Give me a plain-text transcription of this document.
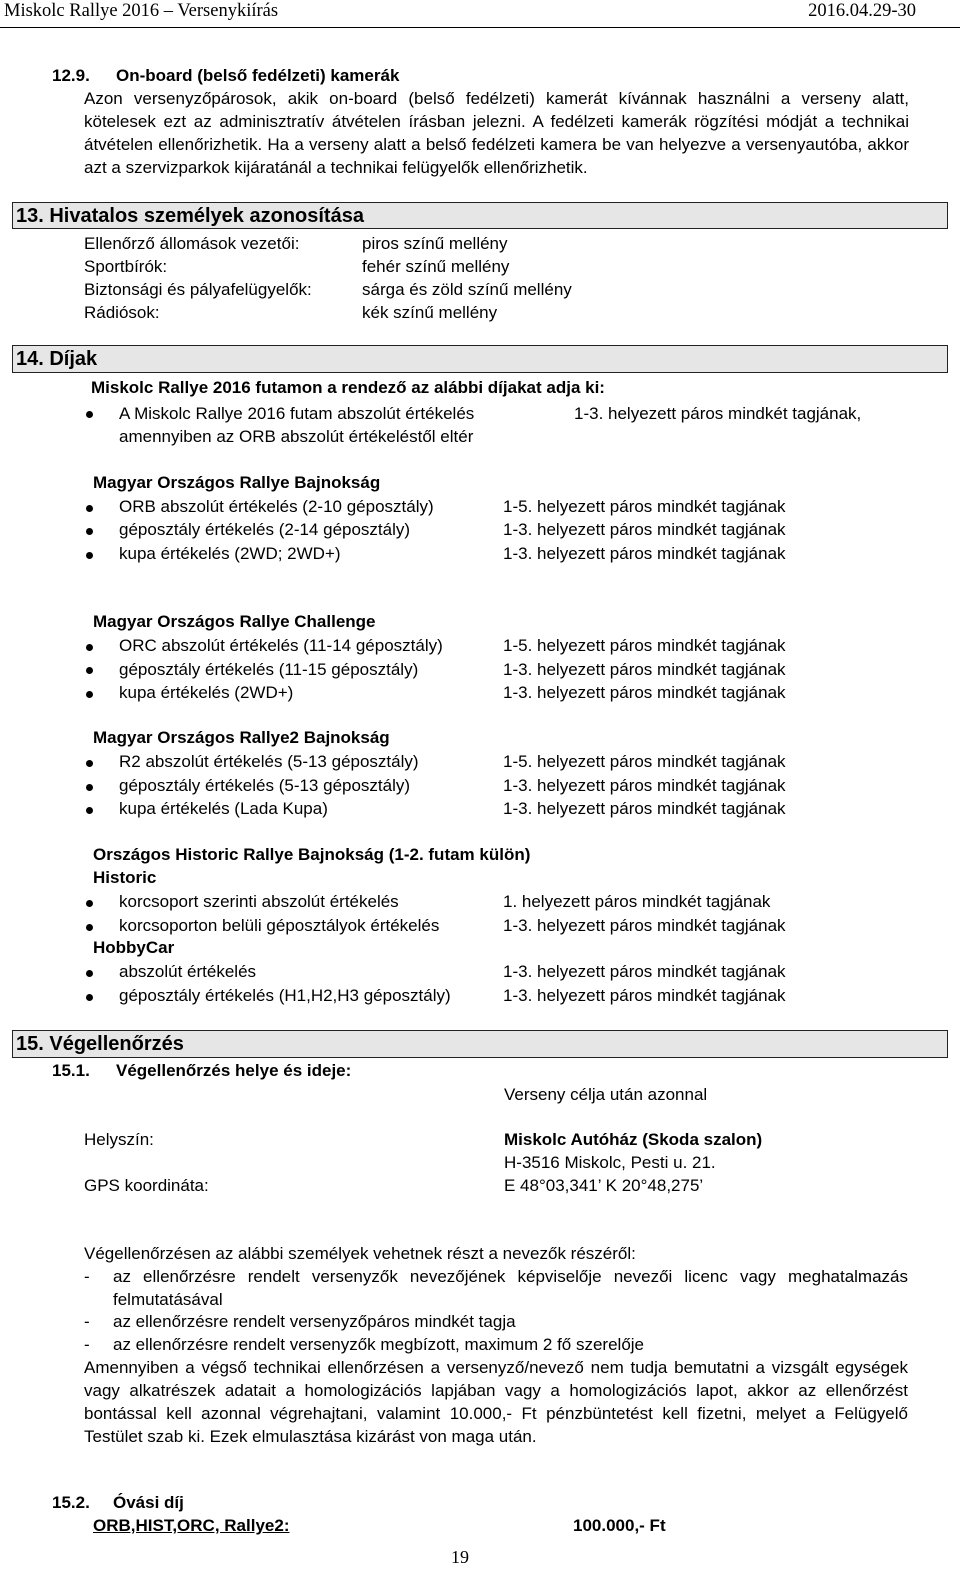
Miskolc Rallye 2016 – Versenykiírás	2016.04.29-30
12.9. On-board (belső fedélzeti) kamerák

Azon versenyzőpárosok, akik on-board (belső fedélzeti) kamerát kívánnak használni a verseny alatt, kötelesek ezt az adminisztratív átvételen írásban jelezni. A fedélzeti kamerák rögzítési módját a technikai átvételen ellenőrizhetik. Ha a verseny alatt a belső fedélzeti kamera be van helyezve a versenyautóba, akkor azt a szervizparkok kijáratánál a technikai felügyelők ellenőrizhetik.

13. Hivatalos személyek azonosítása
Ellenőrző állomások vezetői:	piros színű mellény
Sportbírók:	fehér színű mellény
Biztonsági és pályafelügyelők:	sárga és zöld színű mellény
Rádiósok:	kék színű mellény
14. Díjak
Miskolc Rallye 2016 futamon a rendező az alábbi díjakat adja ki:
A Miskolc Rallye 2016 futam abszolút értékelés	1-3. helyezett páros mindkét tagjának,
amennyiben az ORB abszolút értékeléstől eltér
Magyar Országos Rallye Bajnokság
ORB abszolút értékelés (2-10 géposztály)	1-5. helyezett páros mindkét tagjának
géposztály értékelés (2-14 géposztály)	1-3. helyezett páros mindkét tagjának
kupa értékelés (2WD; 2WD+)	1-3. helyezett páros mindkét tagjának
Magyar Országos Rallye Challenge
ORC abszolút értékelés (11-14 géposztály)	1-5. helyezett páros mindkét tagjának
géposztály értékelés (11-15 géposztály)	1-3. helyezett páros mindkét tagjának
kupa értékelés (2WD+)	1-3. helyezett páros mindkét tagjának
Magyar Országos Rallye2 Bajnokság
R2 abszolút értékelés (5-13 géposztály)	1-5. helyezett páros mindkét tagjának
géposztály értékelés (5-13 géposztály)	1-3. helyezett páros mindkét tagjának
kupa értékelés (Lada Kupa)	1-3. helyezett páros mindkét tagjának
Országos Historic Rallye Bajnokság (1-2. futam külön)
Historic
korcsoport szerinti abszolút értékelés	1. helyezett páros mindkét tagjának
korcsoporton belüli géposztályok értékelés	1-3. helyezett páros mindkét tagjának
HobbyCar
abszolút értékelés	1-3. helyezett páros mindkét tagjának
géposztály értékelés (H1,H2,H3 géposztály)	1-3. helyezett páros mindkét tagjának
15. Végellenőrzés
15.1. Végellenőrzés helye és ideje:
Verseny célja után azonnal
Helyszín:	Miskolc Autóház (Skoda szalon)
H-3516 Miskolc, Pesti u. 21.
GPS koordináta:	E 48°03,341’ K 20°48,275’
Végellenőrzésen az alábbi személyek vehetnek részt a nevezők részéről:
- az ellenőrzésre rendelt versenyzők nevezőjének képviselője nevezői licenc vagy meghatalmazás felmutatásával

- az ellenőrzésre rendelt versenyzőpáros mindkét tagja
- az ellenőrzésre rendelt versenyzők megbízott, maximum 2 fő szerelője

Amennyiben a végső technikai ellenőrzésen a versenyző/nevező nem tudja bemutatni a vizsgált egységek vagy alkatrészek adatait a homologizációs lapjában vagy a homologizációs lapot, akkor az ellenőrzést bontással kell azonnal végrehajtani, valamint 10.000,- Ft pénzbüntetést kell fizetni, melyet a Felügyelő Testület szab ki. Ezek elmulasztása kizárást von maga után.

15.2. Óvási díj
ORB,HIST,ORC, Rallye2:	100.000,- Ft
19
